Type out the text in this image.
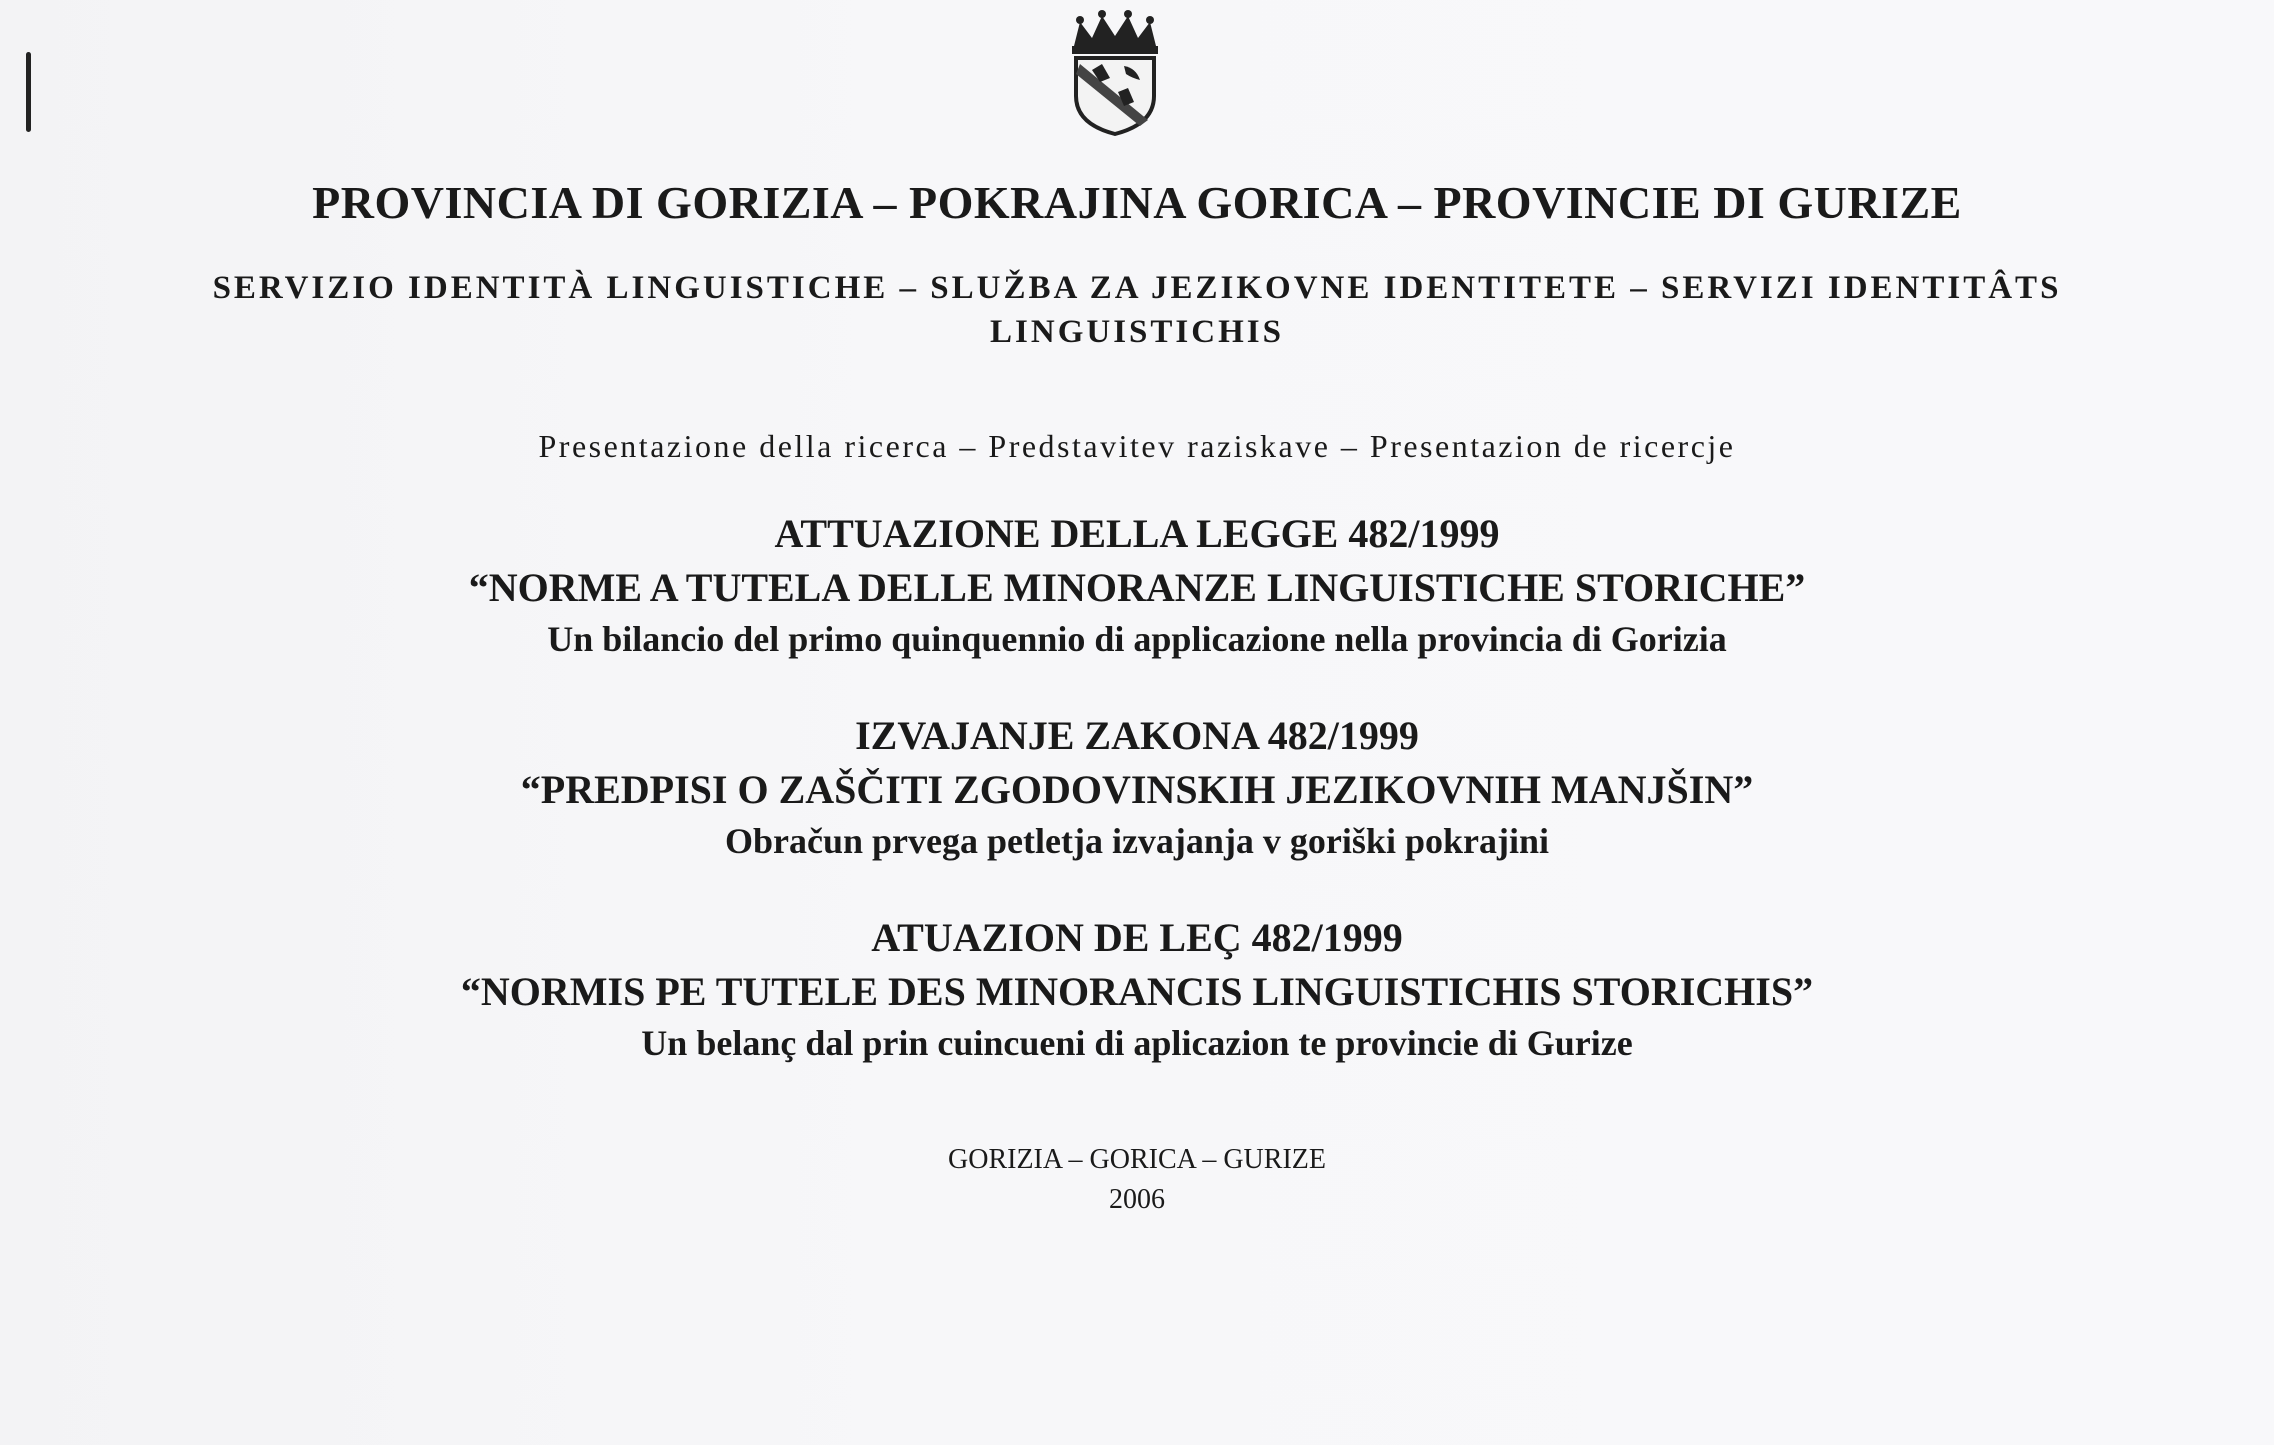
PROVINCIA DI GORIZIA – POKRAJINA GORICA – PROVINCIE DI GURIZE
SERVIZIO IDENTITÀ LINGUISTICHE – SLUŽBA ZA JEZIKOVNE IDENTITETE – SERVIZI IDENTITÂTS LINGUISTICHIS
Presentazione della ricerca – Predstavitev raziskave – Presentazion de ricercje
ATTUAZIONE DELLA LEGGE 482/1999
“NORME A TUTELA DELLE MINORANZE LINGUISTICHE STORICHE”
Un bilancio del primo quinquennio di applicazione nella provincia di Gorizia
IZVAJANJE ZAKONA 482/1999
“PREDPISI O ZAŠČITI ZGODOVINSKIH JEZIKOVNIH MANJŠIN”
Obračun prvega petletja izvajanja v goriški pokrajini
ATUAZION DE LEÇ 482/1999
“NORMIS PE TUTELE DES MINORANCIS LINGUISTICHIS STORICHIS”
Un belanç dal prin cuincueni di aplicazion te provincie di Gurize
GORIZIA – GORICA – GURIZE
2006
